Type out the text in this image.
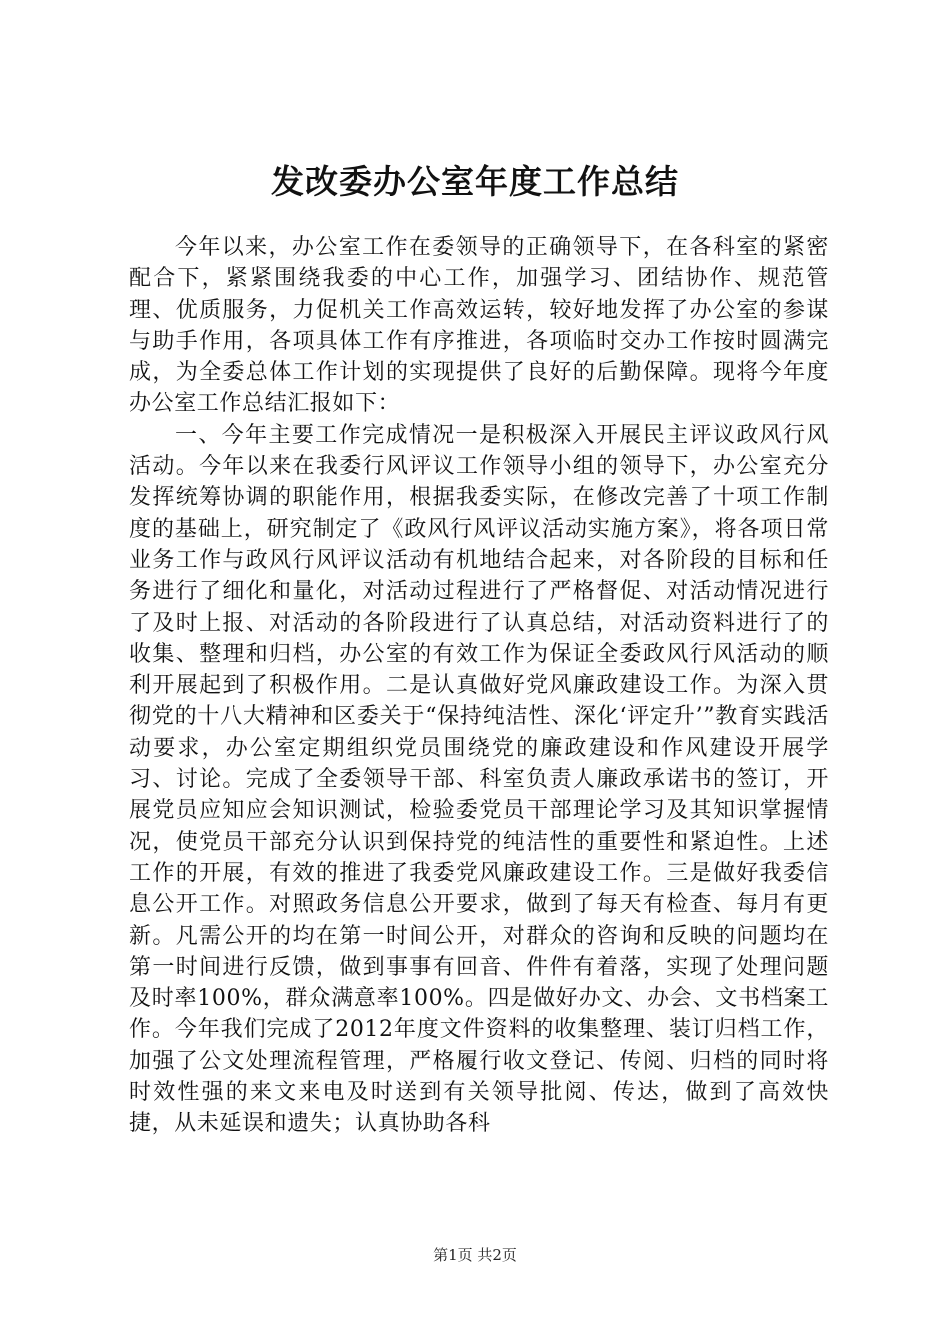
发改委办公室年度工作总结

今年以来，办公室工作在委领导的正确领导下，在各科室的紧密配合下，紧紧围绕我委的中心工作，加强学习、团结协作、规范管理、优质服务，力促机关工作高效运转，较好地发挥了办公室的参谋与助手作用，各项具体工作有序推进，各项临时交办工作按时圆满完成，为全委总体工作计划的实现提供了良好的后勤保障。现将今年度办公室工作总结汇报如下：

一、今年主要工作完成情况一是积极深入开展民主评议政风行风活动。今年以来在我委行风评议工作领导小组的领导下，办公室充分发挥统筹协调的职能作用，根据我委实际，在修改完善了十项工作制度的基础上，研究制定了《政风行风评议活动实施方案》，将各项日常业务工作与政风行风评议活动有机地结合起来，对各阶段的目标和任务进行了细化和量化，对活动过程进行了严格督促、对活动情况进行了及时上报、对活动的各阶段进行了认真总结，对活动资料进行了的收集、整理和归档，办公室的有效工作为保证全委政风行风活动的顺利开展起到了积极作用。二是认真做好党风廉政建设工作。为深入贯彻党的十八大精神和区委关于“保持纯洁性、深化‘评定升’”教育实践活动要求，办公室定期组织党员围绕党的廉政建设和作风建设开展学习、讨论。完成了全委领导干部、科室负责人廉政承诺书的签订，开展党员应知应会知识测试，检验委党员干部理论学习及其知识掌握情况，使党员干部充分认识到保持党的纯洁性的重要性和紧迫性。上述工作的开展，有效的推进了我委党风廉政建设工作。三是做好我委信息公开工作。对照政务信息公开要求，做到了每天有检查、每月有更新。凡需公开的均在第一时间公开，对群众的咨询和反映的问题均在第一时间进行反馈，做到事事有回音、件件有着落，实现了处理问题及时率100%，群众满意率100%。四是做好办文、办会、文书档案工作。今年我们完成了2012年度文件资料的收集整理、装订归档工作，加强了公文处理流程管理，严格履行收文登记、传阅、归档的同时将时效性强的来文来电及时送到有关领导批阅、传达，做到了高效快捷，从未延误和遗失；认真协助各科

第1页 共2页
